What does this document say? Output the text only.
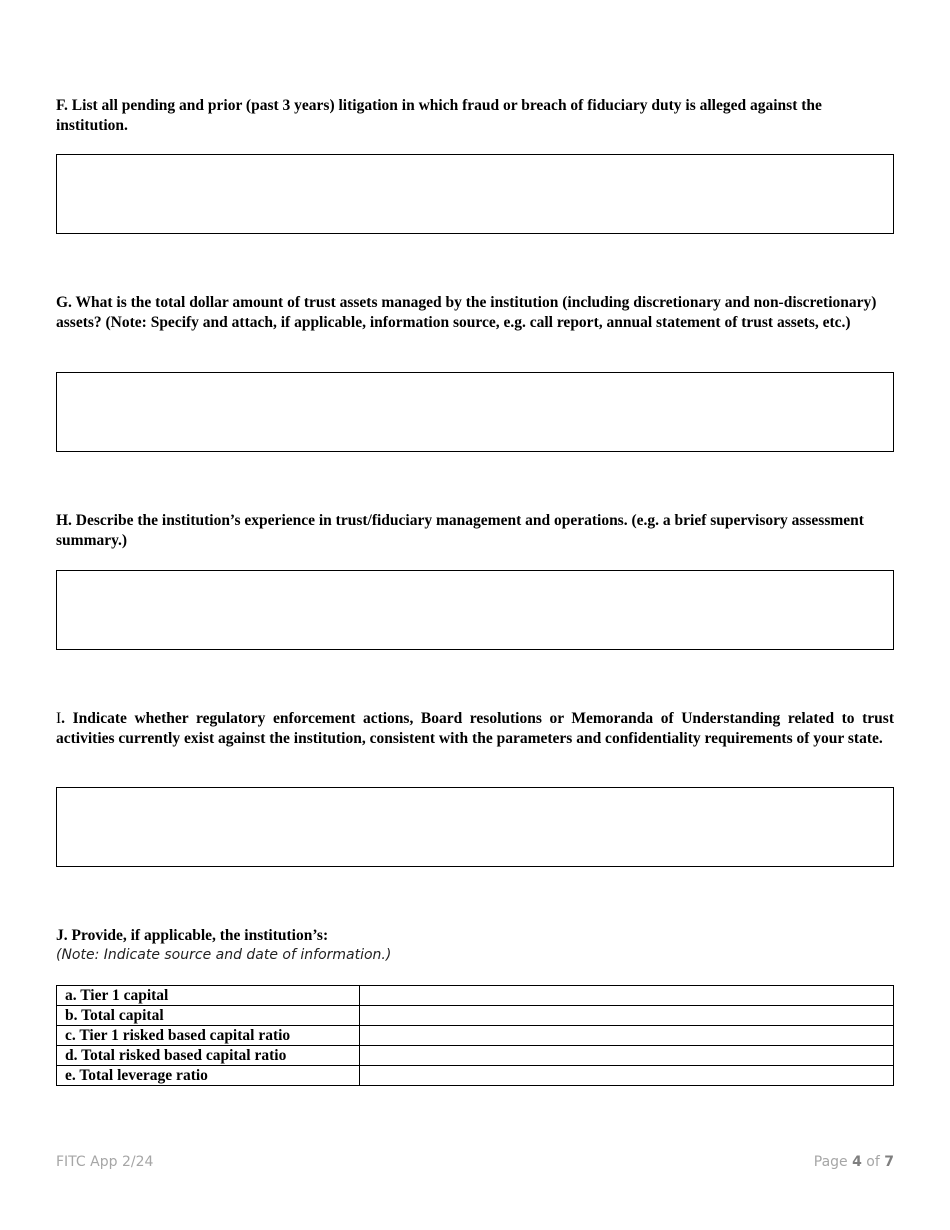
F. List all pending and prior (past 3 years) litigation in which fraud or breach of fiduciary duty is alleged against the institution.

G. What is the total dollar amount of trust assets managed by the institution (including discretionary and non-discretionary) assets? (Note: Specify and attach, if applicable, information source, e.g. call report, annual statement of trust assets, etc.)

H. Describe the institution’s experience in trust/fiduciary management and operations. (e.g. a brief supervisory assessment summary.)

I. Indicate whether regulatory enforcement actions, Board resolutions or Memoranda of Understanding related to trust activities currently exist against the institution, consistent with the parameters and confidentiality requirements of your state.

J. Provide, if applicable, the institution’s:

(Note: Indicate source and date of information.)
a. Tier 1 capital	
b. Total capital	
c. Tier 1 risked based capital ratio	
d. Total risked based capital ratio	
e. Total leverage ratio	
FITC App 2/24	Page 4 of 7
